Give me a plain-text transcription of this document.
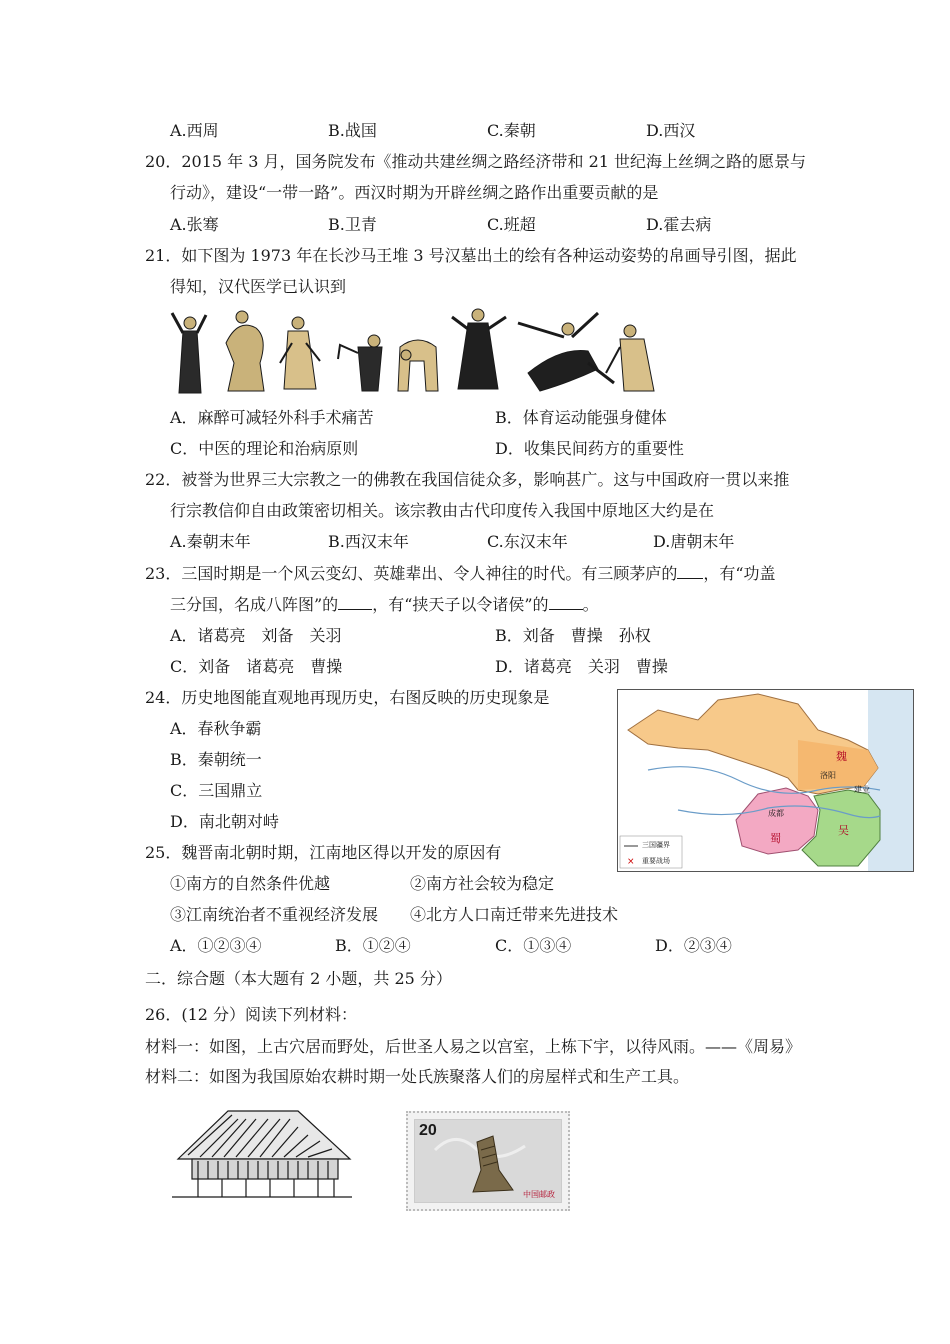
A.西周	B.战国	C.秦朝	D.西汉
20．2015 年 3 月，国务院发布《推动共建丝绸之路经济带和 21 世纪海上丝绸之路的愿景与
行动》，建设“一带一路”。西汉时期为开辟丝绸之路作出重要贡献的是
A.张骞	B.卫青	C.班超	D.霍去病
21．如下图为 1973 年在长沙马王堆 3 号汉墓出土的绘有各种运动姿势的帛画导引图，据此
得知，汉代医学已认识到
A．麻醉可减轻外科手术痛苦	B．体育运动能强身健体
C．中医的理论和治病原则	D．收集民间药方的重要性
22．被誉为世界三大宗教之一的佛教在我国信徒众多，影响甚广。这与中国政府一贯以来推
行宗教信仰自由政策密切相关。该宗教由古代印度传入我国中原地区大约是在
A.秦朝末年	B.西汉末年	C.东汉末年	D.唐朝末年
23．三国时期是一个风云变幻、英雄辈出、令人神往的时代。有三顾茅庐的 ，有“功盖
三分国，名成八阵图”的 ，有“挟天子以令诸侯”的 。
A．诸葛亮　刘备　关羽	B．刘备　曹操　孙权
C．刘备　诸葛亮　曹操	D．诸葛亮　关羽　曹操
24．历史地图能直观地再现历史，右图反映的历史现象是
A．春秋争霸
B．秦朝统一
C．三国鼎立
D．南北朝对峙
×
魏
洛阳
成都
蜀
建业
吴
三国疆界
重要战场
25．魏晋南北朝时期，江南地区得以开发的原因有
①南方的自然条件优越	②南方社会较为稳定
③江南统治者不重视经济发展 ④北方人口南迁带来先进技术
A．①②③④	B．①②④	C．①③④	D．②③④
二．综合题（本大题有 2 小题，共 25 分）
26．(12 分）阅读下列材料：
材料一：如图，上古穴居而野处，后世圣人易之以宫室，上栋下宇，以待风雨。——《周易》
材料二：如图为我国原始农耕时期一处氏族聚落人们的房屋样式和生产工具。
20
中国邮政
